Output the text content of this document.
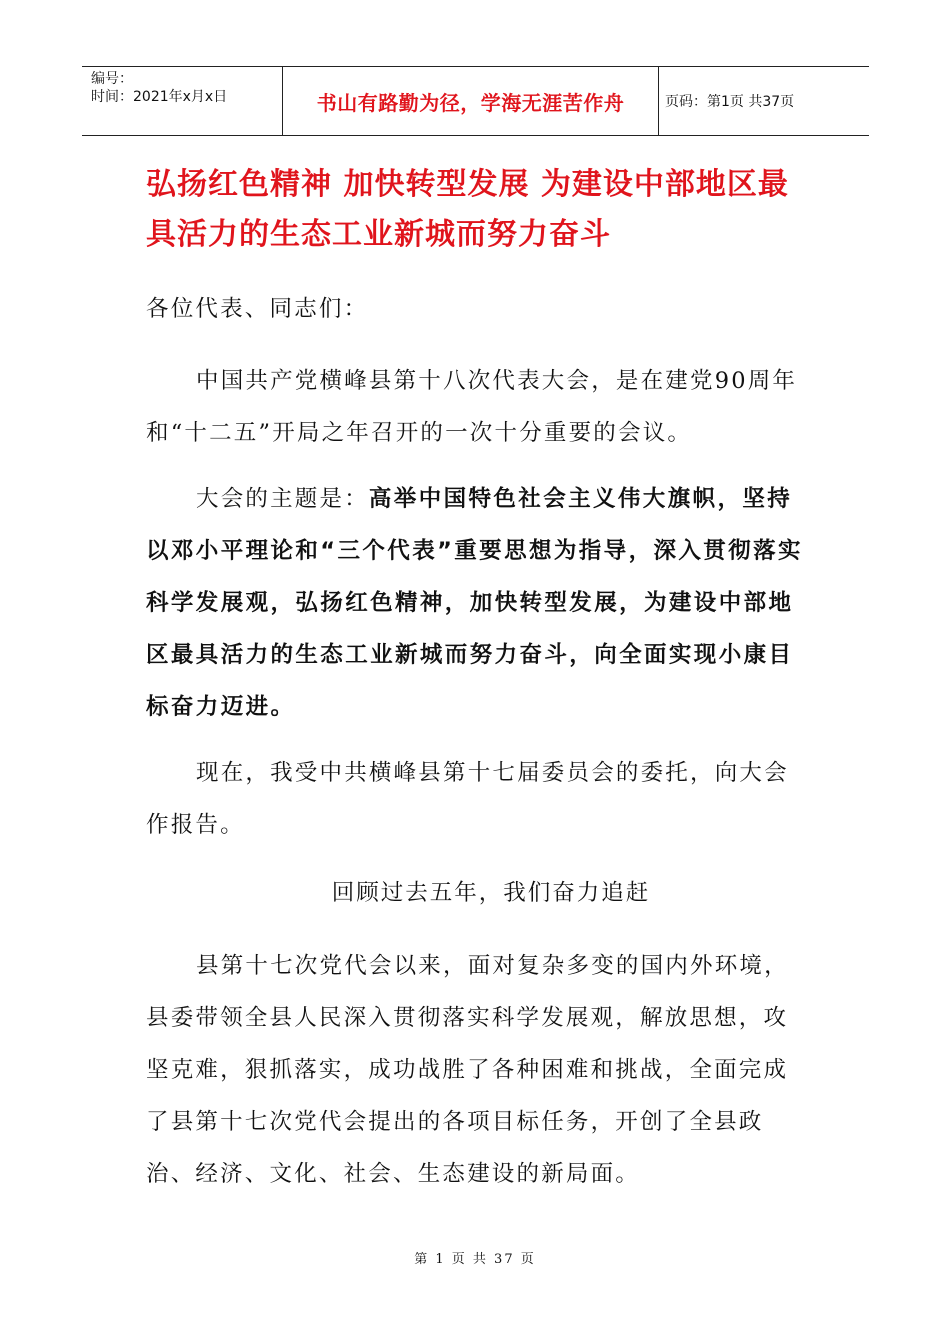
编号：
时间：2021年x月x日	书山有路勤为径，学海无涯苦作舟	页码：第1页 共37页
弘扬红色精神 加快转型发展 为建设中部地区最具活力的生态工业新城而努力奋斗
各位代表、同志们：
中国共产党横峰县第十八次代表大会，是在建党90周年和“十二五”开局之年召开的一次十分重要的会议。
大会的主题是：高举中国特色社会主义伟大旗帜，坚持以邓小平理论和“三个代表”重要思想为指导，深入贯彻落实科学发展观，弘扬红色精神，加快转型发展，为建设中部地区最具活力的生态工业新城而努力奋斗，向全面实现小康目标奋力迈进。
现在，我受中共横峰县第十七届委员会的委托，向大会作报告。
回顾过去五年，我们奋力追赶
县第十七次党代会以来，面对复杂多变的国内外环境，县委带领全县人民深入贯彻落实科学发展观，解放思想，攻坚克难，狠抓落实，成功战胜了各种困难和挑战，全面完成了县第十七次党代会提出的各项目标任务，开创了全县政治、经济、文化、社会、生态建设的新局面。
第 1 页 共 37 页
